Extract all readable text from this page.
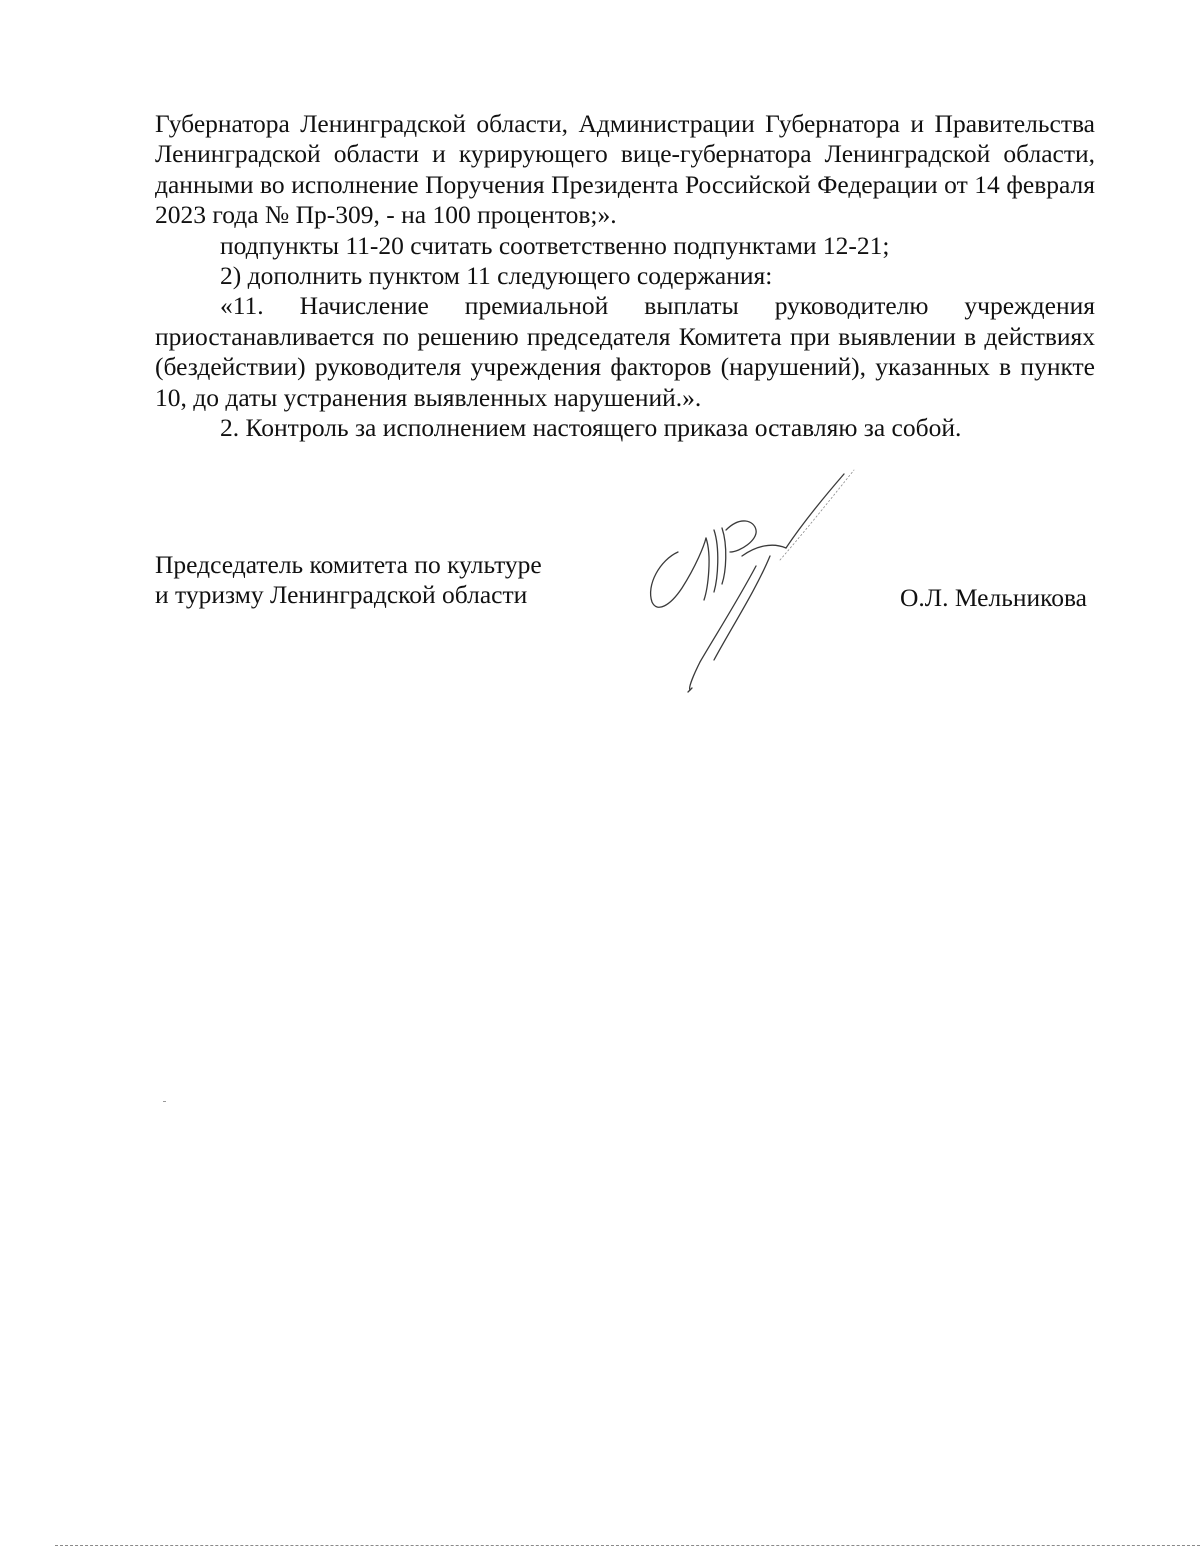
Губернатора Ленинградской области, Администрации Губернатора и Правительства Ленинградской области и курирующего вице-губернатора Ленинградской области, данными во исполнение Поручения Президента Российской Федерации от 14 февраля 2023 года № Пр-309, - на 100 процентов;».

подпункты 11-20 считать соответственно подпунктами 12-21;

2) дополнить пунктом 11 следующего содержания:

«11. Начисление премиальной выплаты руководителю учреждения приостанавливается по решению председателя Комитета при выявлении в действиях (бездействии) руководителя учреждения факторов (нарушений), указанных в пункте 10, до даты устранения выявленных нарушений.».

2. Контроль за исполнением настоящего приказа оставляю за собой.

Председатель комитета по культуре
и туризму Ленинградской области	О.Л. Мельникова
